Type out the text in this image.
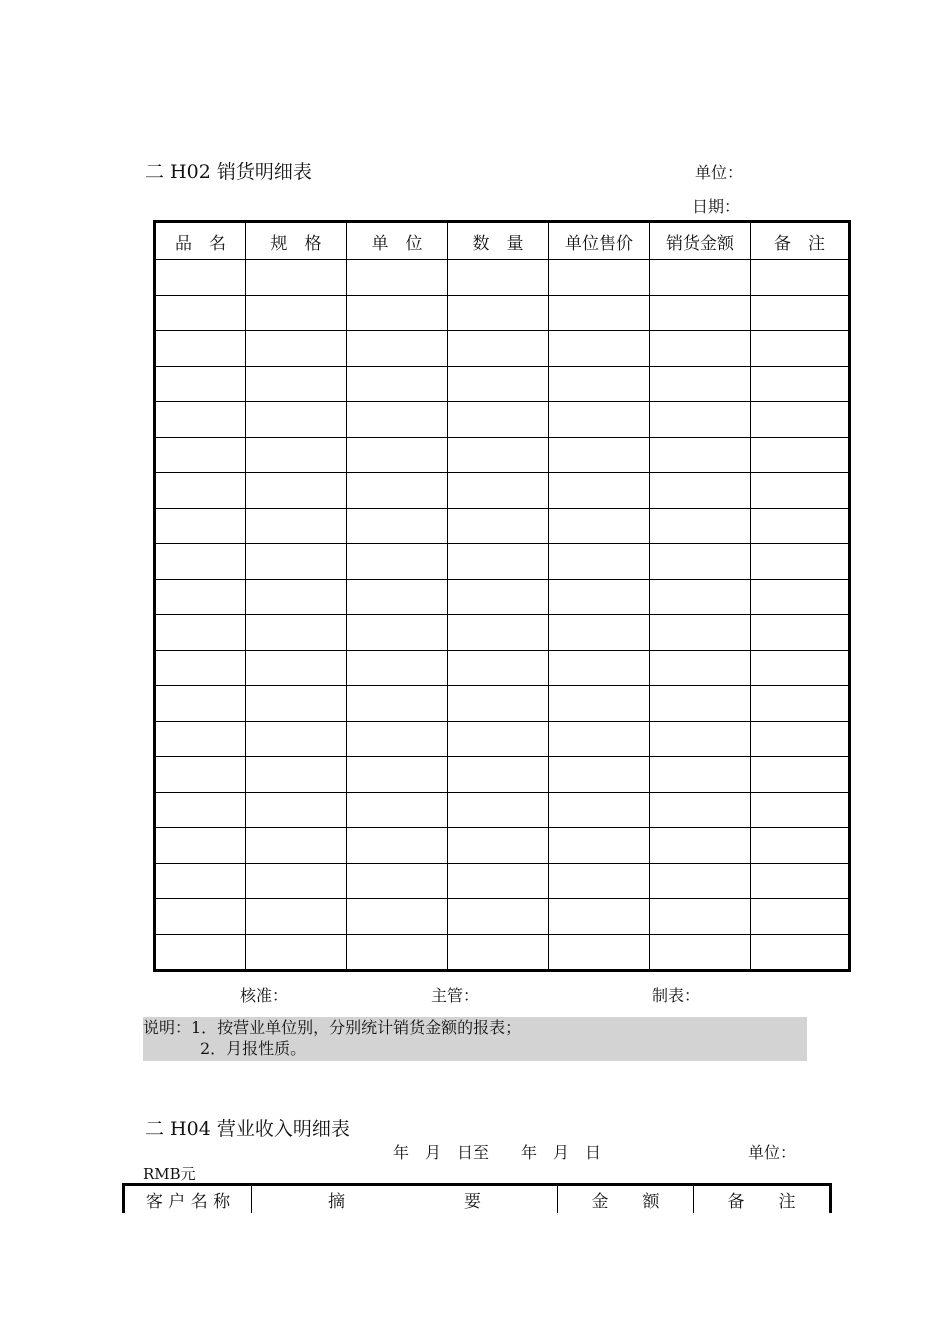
二 H02 销货明细表	单位：
日期：
品　名	规　格	单　位	数　量	单位售价	销货金额	备　注

核准：	主管：	制表：
说明：1．按营业单位别，分别统计销货金额的报表；
2．月报性质。
二 H04 营业收入明细表
年　月　日至　　年　月　日	单位：
RMB元
客 户 名 称	摘　　　　　　　要	金　　额	备　　注
